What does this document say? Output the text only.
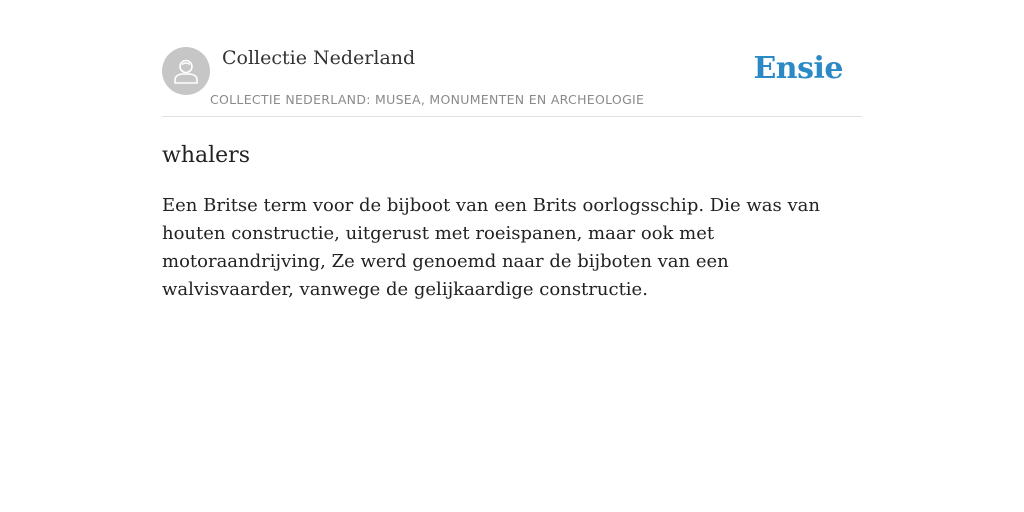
Collectie Nederland
COLLECTIE NEDERLAND: MUSEA, MONUMENTEN EN ARCHEOLOGIE
Ensie
whalers

Een Britse term voor de bijboot van een Brits oorlogsschip. Die was van houten constructie, uitgerust met roeispanen, maar ook met motoraandrijving, Ze werd genoemd naar de bijboten van een walvisvaarder, vanwege de gelijkaardige constructie.
